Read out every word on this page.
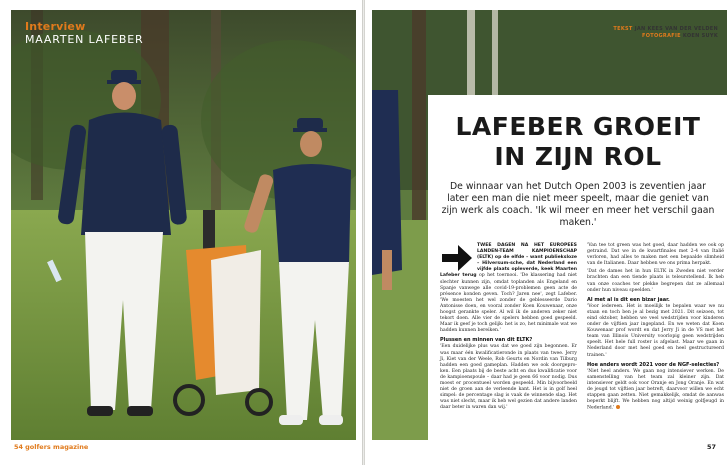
Interview
MAARTEN LAFEBER
54 golfers magazine oktober 2021
TEKST JAN KEES VAN DER VELDEN
FOTOGRAFIE KOEN SUYK
LAFEBER GROEIT
IN ZIJN ROL
De winnaar van het Dutch Open 2003 is zeventien jaar later een man die niet meer speelt, maar die geniet van zijn werk als coach. 'Ik wil meer en meer het verschil gaan maken.'

TWEE DAGEN NA HET EUROPEES LANDEN-TEAM KAMPIOENSCHAP (ELTK) op de elfde – want publieksloze – Hilversum-sche, dat Nederland een vijfde plaats opleverde, keek Maarten Lafeber terug op het toernooi. 'De klassering had niet slechter kunnen zijn, omdat toplanden als Engeland en Spanje vanwege alle covid-19-problemen geen acte de présence konden geven. Toch? Jaren nee', zegt Lafeber. 'We moesten het wel zonder de geblesseerde Dario Antonisse doen, en vooral zonder Koen Kouwenaar, onze hoogst gerankte speler. Al wil ik de anderen zeker niet tekort doen. Alle vier de spelers hebben goed gespeeld. Maar ik geef je toch gelijk: het is zo, het minimale wat we hadden kunnen bereiken.'

Plussen en minnen van dit ELTK?

'Een duidelijke plus was dat we goed zijn begonnen. Er was maar één kwalificatieronde in plaats van twee. Jerry Ji, Kiet van der Weele, Rob Geurts en Nordin van Tilburg hadden een goed gameplan. Hadden we ook doorgepro-ken. Een plaats bij de beste acht en dus kwalificatie voor de kampioenspoule – daar had je geen 66 voor nodig. Dus moest er procentueel worden gespeeld. Min bijvoorbeeld niet de groen aan de verleende kant. Het is in golf heel simpel: de percentage slag is vaak de winnende slag. Het was niet slecht, maar ik heb wel gezien dat andere landen daar beter in waren dan wij.'

'Van tee tot green was het goed, daar hadden we ook op getraind. Dat we in de kwartfinales met 2-4 van Italië verloren, had alles te maken met een bepaalde slimheid van de Italianen. Daar hebben we ons prima herpakt.

'Dat de dames het in hun ELTK in Zweden niet verder brachten dan een tiende plaats is teleurstellend. Ik heb van onze coaches ter plekke begrepen dat ze allemaal onder hun niveau speelden.'

Al met al is dit een bizar jaar.

'Voor iedereen. Het is moeilijk te bepalen waar we nu staan en toch ben je al bezig met 2021. Dit seizoen, tot eind oktober, hebben we veel wedstrijden voor kinderen onder de vijftien jaar ingepland. En we weten dat Koen Kouwenaar prof wordt en dat Jerry Ji in de VS met het team van Illinois University voorlopig geen wedstrijden speelt. Het hele full roster is afgelast. Maar we gaan in Nederland door met heel goed en heel gestructureerd trainen.'

Hoe anders wordt 2021 voor de NGF-selecties?

'Niet heel anders. We gaan nog intensiever werken. De samenstelling van het team zal kleiner zijn. Dat intensiever geldt ook voor Oranje en Jong Oranje. En wat de jeugd tot vijftien jaar betreft, daarvoor willen we echt stappen gaan zetten. Niet gemakkelijk, omdat de aanwas beperkt blijft. We hebben nog altijd weinig golfjeugd in Nederland.'

57
